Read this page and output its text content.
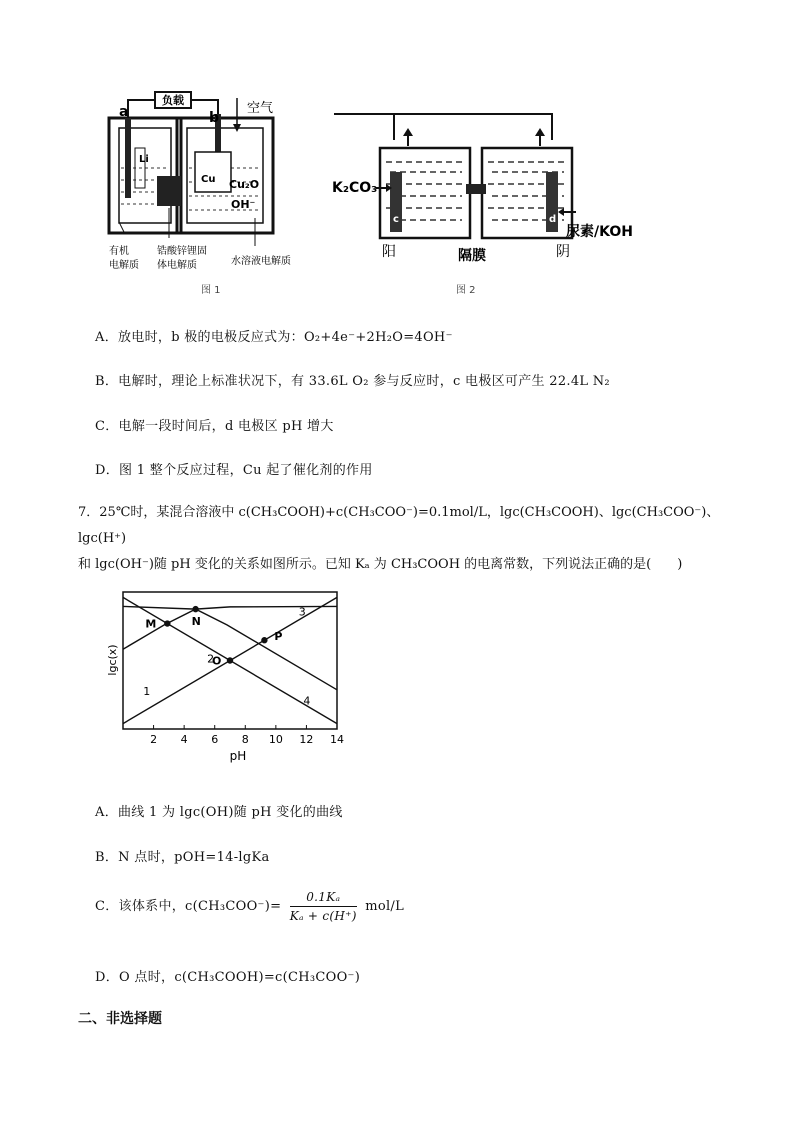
负载
a	b
空气
Li
Cu Cu₂O
OH⁻
有机
电解质
锆酸锌锂固
体电解质	水溶液电解质
图 1
K₂CO₃
c	d
尿素/KOH
阳	隔膜	阴
图 2
A．放电时，b 极的电极反应式为：O₂+4e⁻+2H₂O=4OH⁻
B．电解时，理论上标准状况下，有 33.6L O₂ 参与反应时，c 电极区可产生 22.4L N₂
C．电解一段时间后，d 电极区 pH 增大
D．图 1 整个反应过程，Cu 起了催化剂的作用
7．25℃时，某混合溶液中 c(CH₃COOH)+c(CH₃COO⁻)=0.1mol/L，lgc(CH₃COOH)、lgc(CH₃COO⁻)、lgc(H⁺)
和 lgc(OH⁻)随 pH 变化的关系如图所示。已知 Kₐ 为 CH₃COOH 的电离常数，下列说法正确的是(　　)
1
2
3
4
2 4 6 8 10 12 14
M	N
O
P
pH
lgc(x)
A．曲线 1 为 lgc(OH)随 pH 变化的曲线
B．N 点时，pOH=14-lgKa
C．该体系中，$c(CH_3COO^-)= \frac{\text{0.1Kₐ}}{\text{Kₐ + c(H⁺)}} mol/L$
D．O 点时，c(CH₃COOH)=c(CH₃COO⁻)
二、非选择题
